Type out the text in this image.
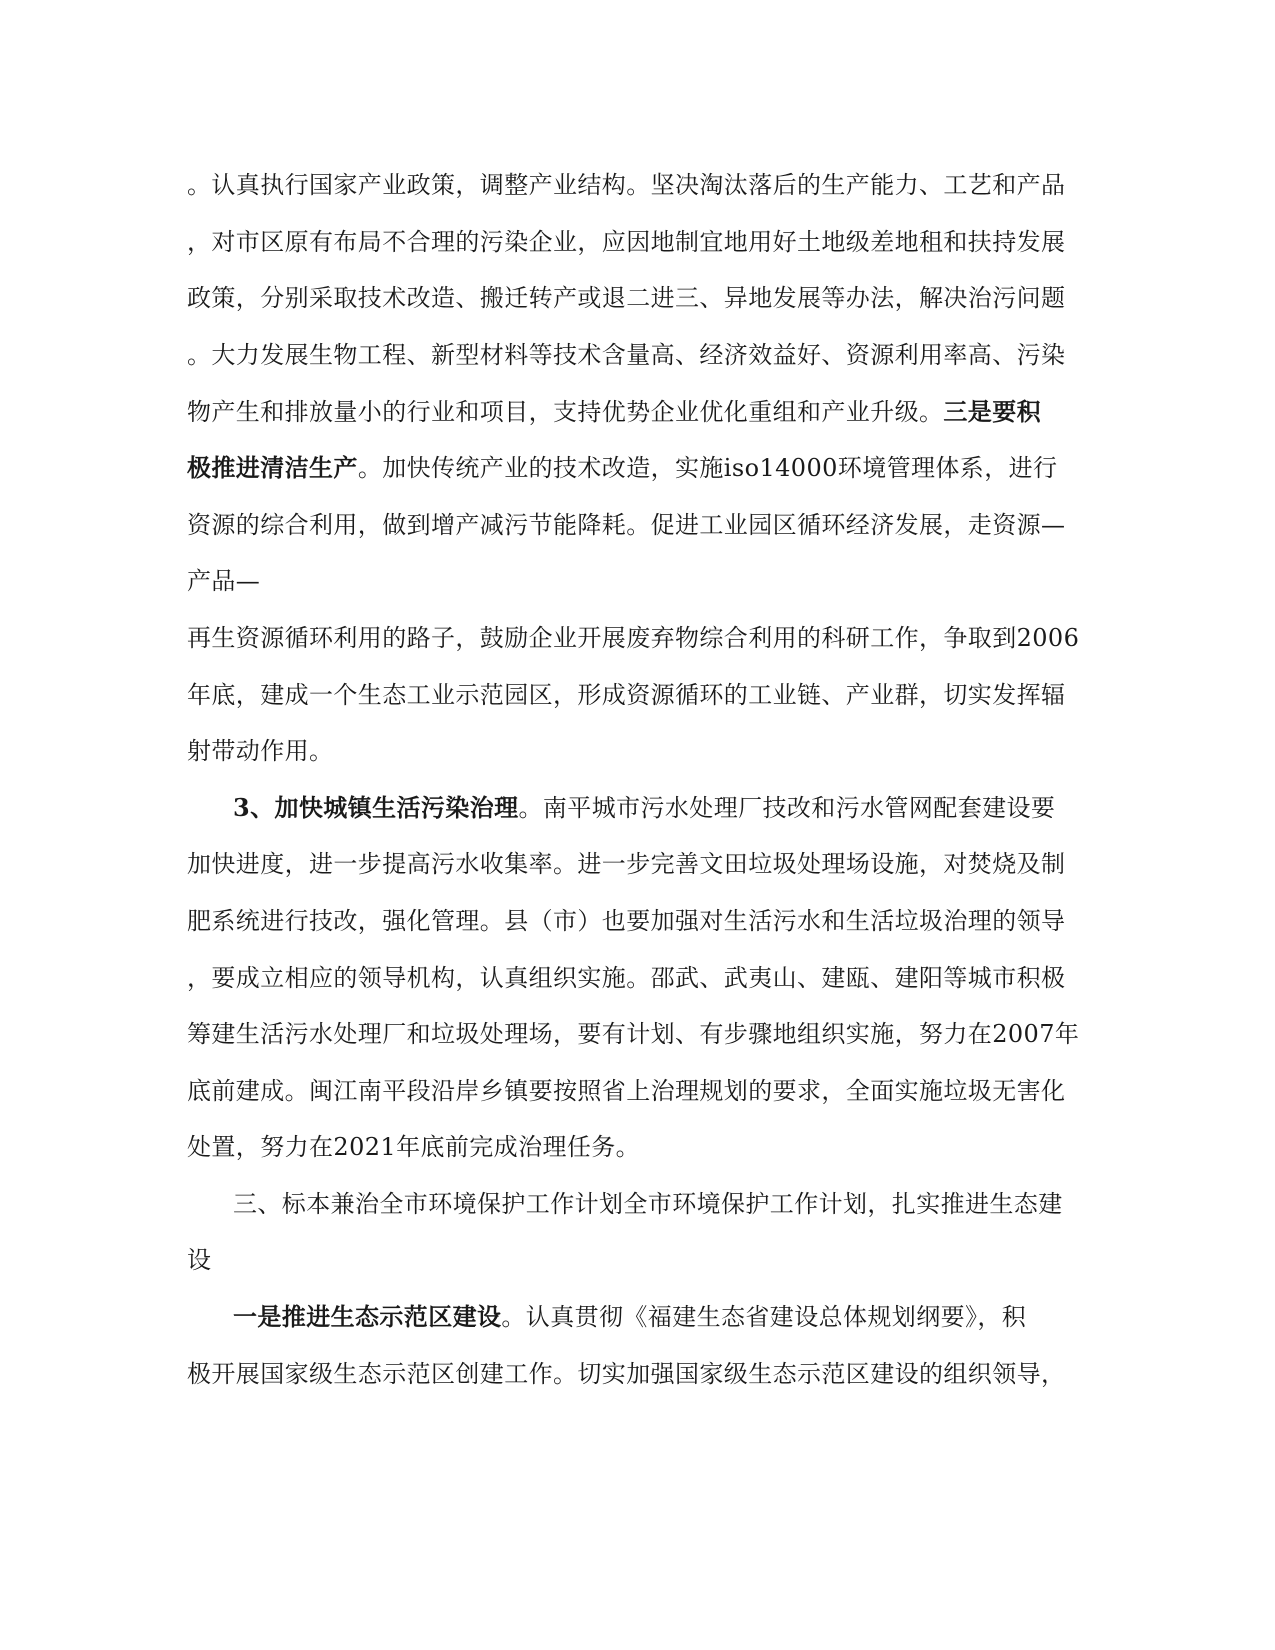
。认真执行国家产业政策，调整产业结构。坚决淘汰落后的生产能力、工艺和产品
，对市区原有布局不合理的污染企业，应因地制宜地用好土地级差地租和扶持发展
政策，分别采取技术改造、搬迁转产或退二进三、异地发展等办法，解决治污问题
。大力发展生物工程、新型材料等技术含量高、经济效益好、资源利用率高、污染
物产生和排放量小的行业和项目，支持优势企业优化重组和产业升级。三是要积
极推进清洁生产。加快传统产业的技术改造，实施iso14000环境管理体系，进行
资源的综合利用，做到增产减污节能降耗。促进工业园区循环经济发展，走资源—
产品—
再生资源循环利用的路子，鼓励企业开展废弃物综合利用的科研工作，争取到2006
年底，建成一个生态工业示范园区，形成资源循环的工业链、产业群，切实发挥辐
射带动作用。
3、加快城镇生活污染治理。南平城市污水处理厂技改和污水管网配套建设要
加快进度，进一步提高污水收集率。进一步完善文田垃圾处理场设施，对焚烧及制
肥系统进行技改，强化管理。县（市）也要加强对生活污水和生活垃圾治理的领导
，要成立相应的领导机构，认真组织实施。邵武、武夷山、建瓯、建阳等城市积极
筹建生活污水处理厂和垃圾处理场，要有计划、有步骤地组织实施，努力在2007年
底前建成。闽江南平段沿岸乡镇要按照省上治理规划的要求，全面实施垃圾无害化
处置，努力在2021年底前完成治理任务。
三、标本兼治全市环境保护工作计划全市环境保护工作计划，扎实推进生态建
设
一是推进生态示范区建设。认真贯彻《福建生态省建设总体规划纲要》，积
极开展国家级生态示范区创建工作。切实加强国家级生态示范区建设的组织领导，
